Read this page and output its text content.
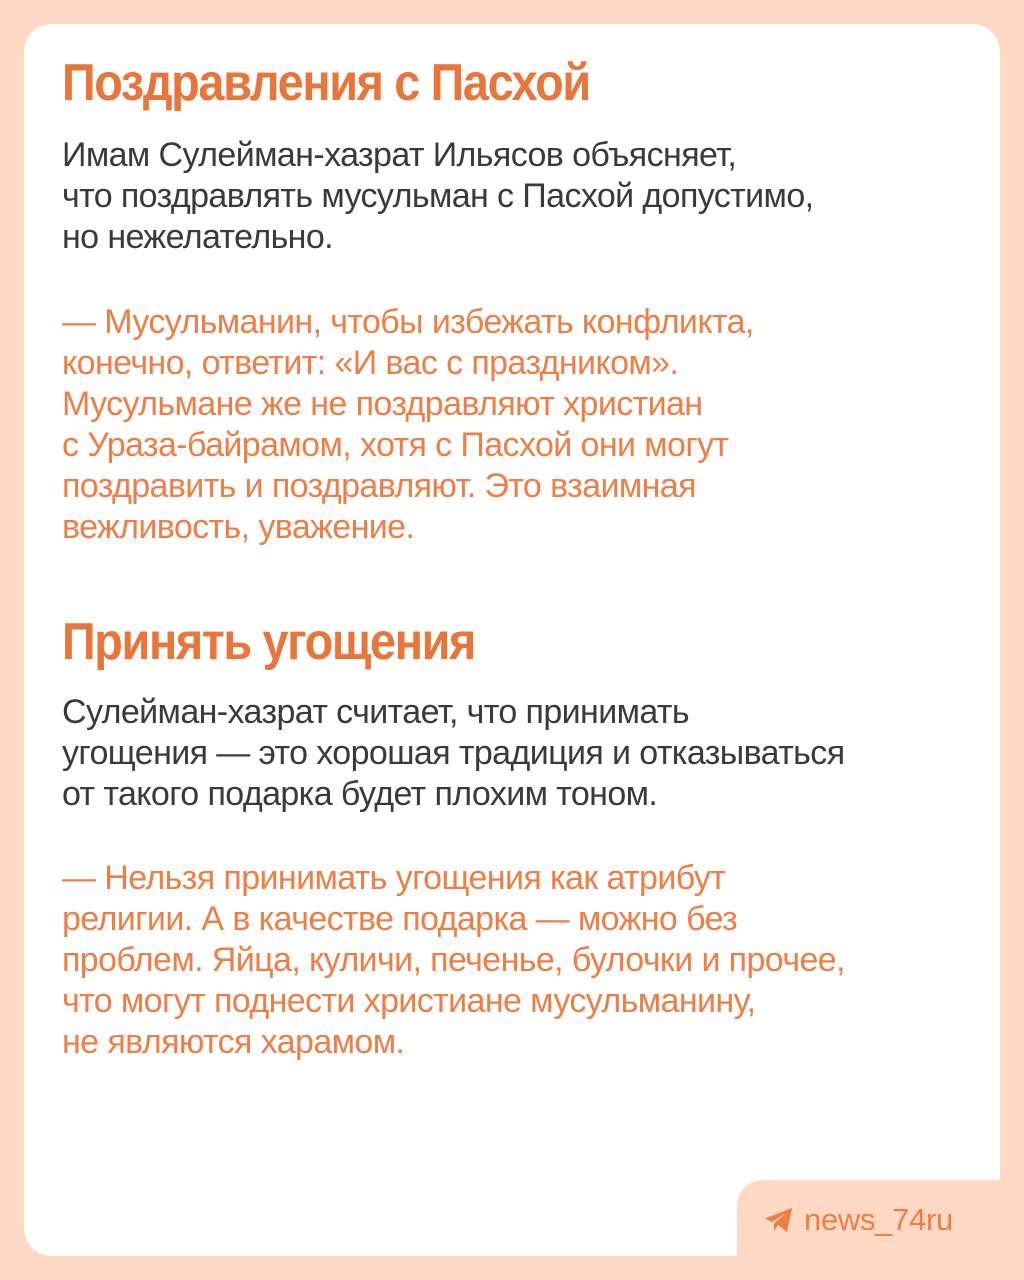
Поздравления с Пасхой

Имам Сулейман-хазрат Ильясов объясняет,
что поздравлять мусульман с Пасхой допустимо,
но нежелательно.

— Мусульманин, чтобы избежать конфликта,
конечно, ответит: «И вас с праздником».
Мусульмане же не поздравляют христиан
с Ураза-байрамом, хотя с Пасхой они могут
поздравить и поздравляют. Это взаимная
вежливость, уважение.

Принять угощения

Сулейман-хазрат считает, что принимать
угощения — это хорошая традиция и отказываться
от такого подарка будет плохим тоном.

— Нельзя принимать угощения как атрибут
религии. А в качестве подарка — можно без
проблем. Яйца, куличи, печенье, булочки и прочее,
что могут поднести христиане мусульманину,
не являются харамом.

news_74ru
